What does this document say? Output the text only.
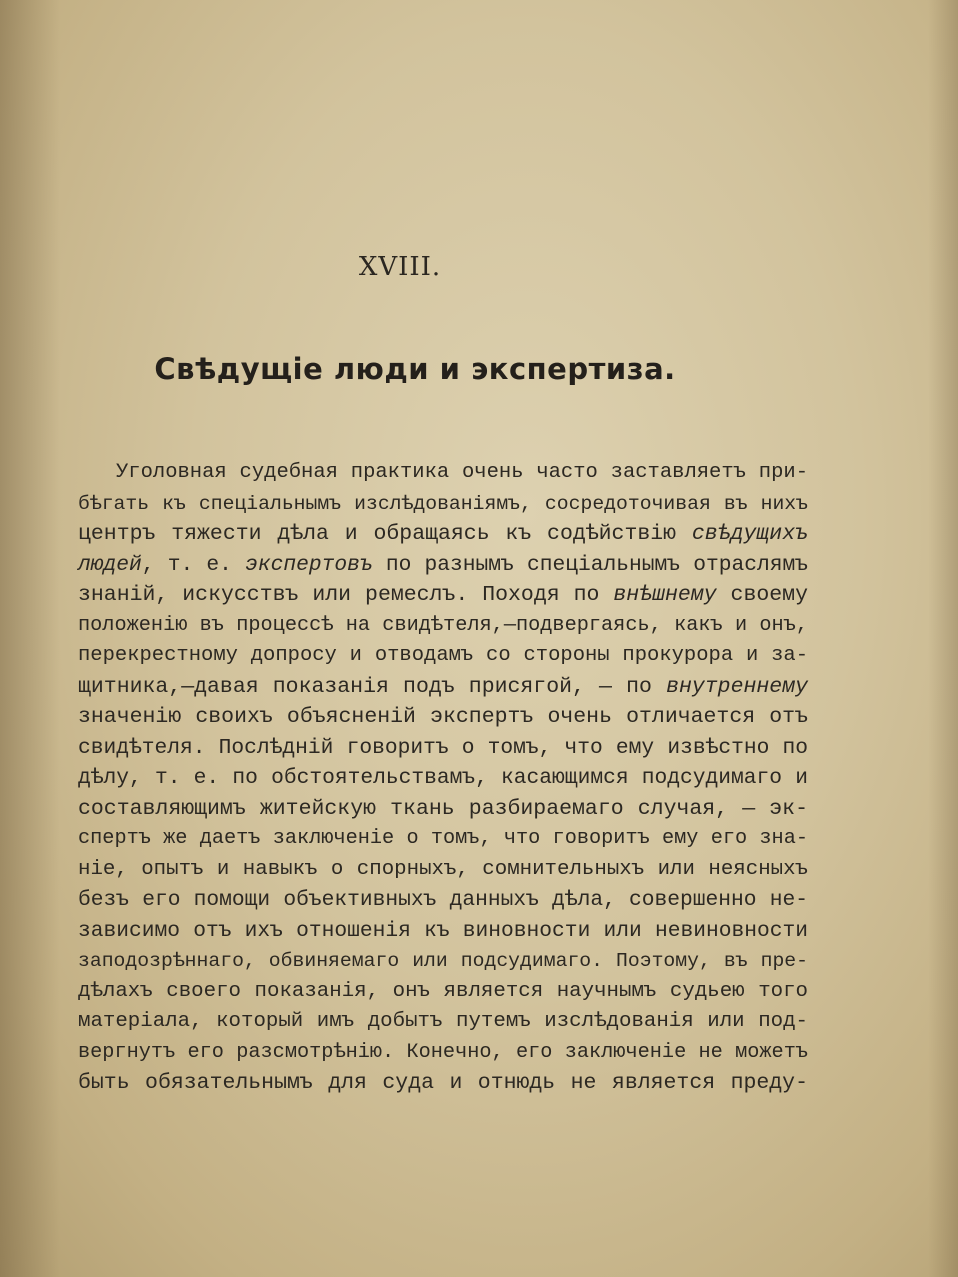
XVIII.
Свѣдущіе люди и экспертиза.
Уголовная судебная практика очень часто заставляетъ при-
бѣгать къ спеціальнымъ изслѣдованіямъ, сосредоточивая въ нихъ
центръ тяжести дѣла и обращаясь къ содѣйствію свѣдущихъ
людей, т. е. экспертовъ по разнымъ спеціальнымъ отраслямъ
знаній, искусствъ или ремеслъ. Походя по внѣшнему своему
положенію въ процессѣ на свидѣтеля,—подвергаясь, какъ и онъ,
перекрестному допросу и отводамъ со стороны прокурора и за-
щитника,—давая показанія подъ присягой, — по внутреннему
значенію своихъ объясненій экспертъ очень отличается отъ
свидѣтеля. Послѣдній говоритъ о томъ, что ему извѣстно по
дѣлу, т. е. по обстоятельствамъ, касающимся подсудимаго и
составляющимъ житейскую ткань разбираемаго случая, — эк-
спертъ же даетъ заключеніе о томъ, что говоритъ ему его зна-
ніе, опытъ и навыкъ о спорныхъ, сомнительныхъ или неясныхъ
безъ его помощи объективныхъ данныхъ дѣла, совершенно не-
зависимо отъ ихъ отношенія къ виновности или невиновности
заподозрѣннаго, обвиняемаго или подсудимаго. Поэтому, въ пре-
дѣлахъ своего показанія, онъ является научнымъ судьею того
матеріала, который имъ добытъ путемъ изслѣдованія или под-
вергнутъ его разсмотрѣнію. Конечно, его заключеніе не можетъ
быть обязательнымъ для суда и отнюдь не является преду-
